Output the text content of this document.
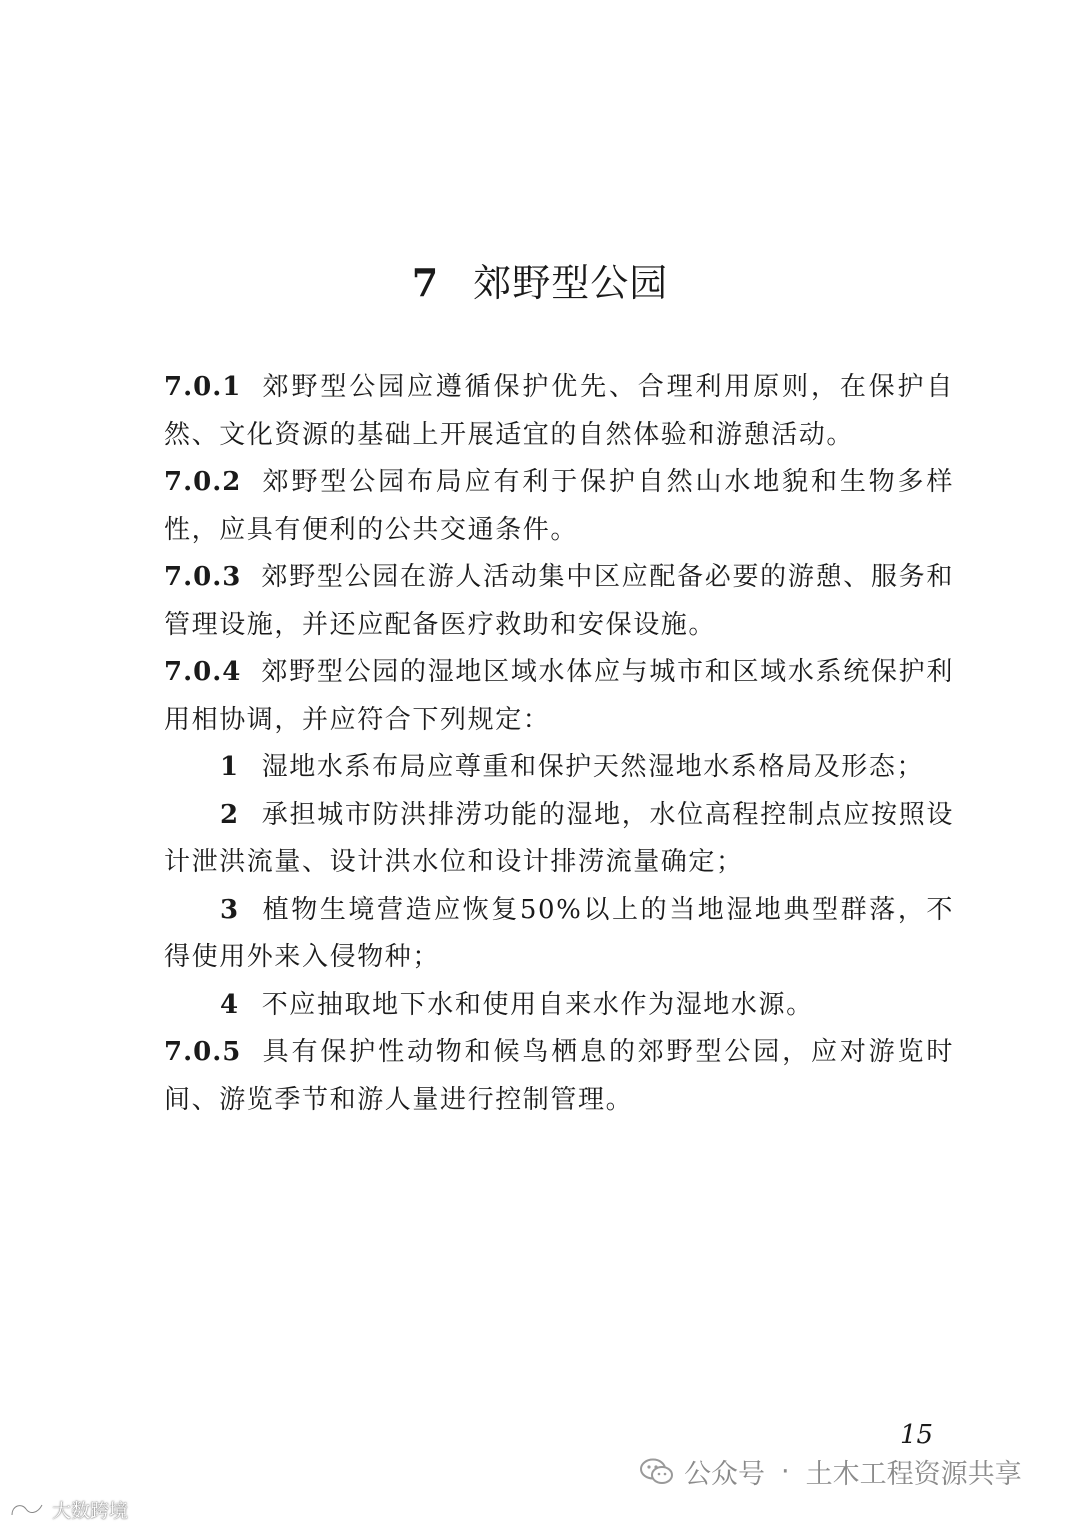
7 郊野型公园

7.0.1 郊野型公园应遵循保护优先、合理利用原则，在保护自然、文化资源的基础上开展适宜的自然体验和游憩活动。

7.0.2 郊野型公园布局应有利于保护自然山水地貌和生物多样性，应具有便利的公共交通条件。

7.0.3 郊野型公园在游人活动集中区应配备必要的游憩、服务和管理设施，并还应配备医疗救助和安保设施。

7.0.4 郊野型公园的湿地区域水体应与城市和区域水系统保护利用相协调，并应符合下列规定：

1 湿地水系布局应尊重和保护天然湿地水系格局及形态；

2 承担城市防洪排涝功能的湿地，水位高程控制点应按照设计泄洪流量、设计洪水位和设计排涝流量确定；

3 植物生境营造应恢复50%以上的当地湿地典型群落，不得使用外来入侵物种；

4 不应抽取地下水和使用自来水作为湿地水源。

7.0.5 具有保护性动物和候鸟栖息的郊野型公园，应对游览时间、游览季节和游人量进行控制管理。

15
公众号 · 土木工程资源共享
大数跨境
